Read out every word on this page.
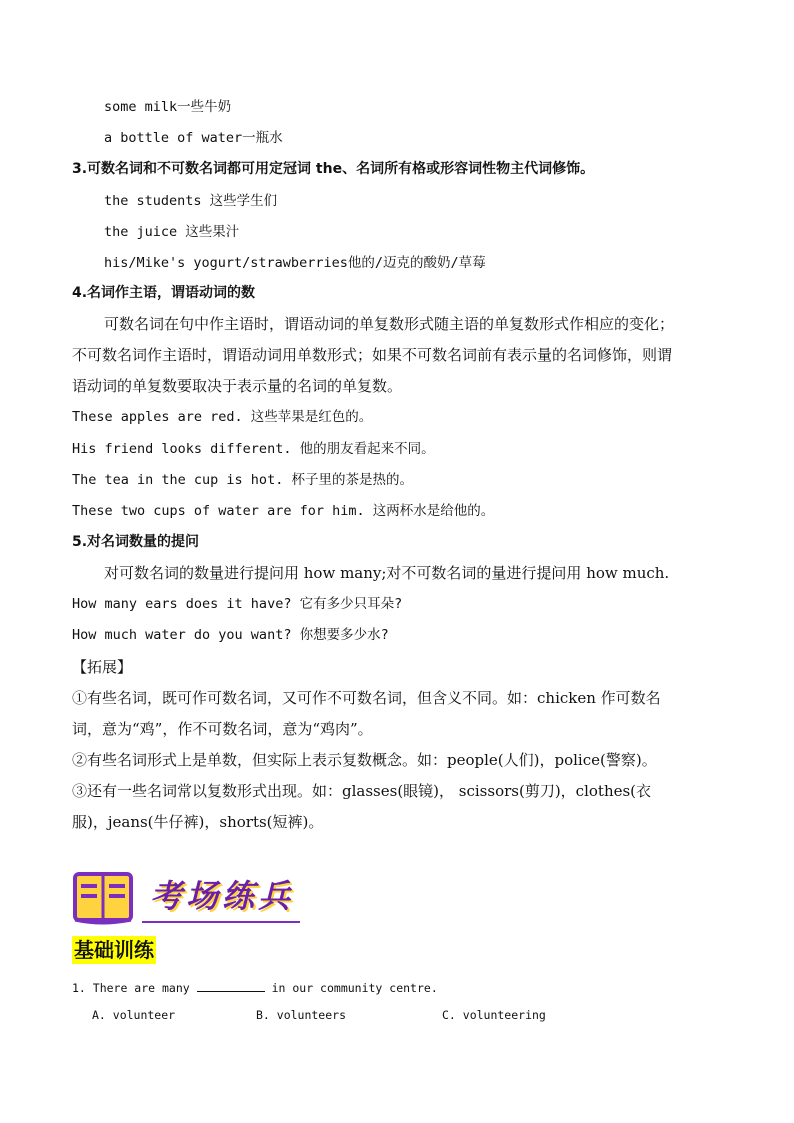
some milk一些牛奶
a bottle of water一瓶水
3.可数名词和不可数名词都可用定冠词 the、名词所有格或形容词性物主代词修饰。
the students 这些学生们
the juice 这些果汁
his/Mike's yogurt/strawberries他的/迈克的酸奶/草莓
4.名词作主语，谓语动词的数
可数名词在句中作主语时，谓语动词的单复数形式随主语的单复数形式作相应的变化；
不可数名词作主语时，谓语动词用单数形式；如果不可数名词前有表示量的名词修饰，则谓
语动词的单复数要取决于表示量的名词的单复数。
These apples are red. 这些苹果是红色的。
His friend looks different. 他的朋友看起来不同。
The tea in the cup is hot. 杯子里的茶是热的。
These two cups of water are for him. 这两杯水是给他的。
5.对名词数量的提问
对可数名词的数量进行提问用 how many;对不可数名词的量进行提问用 how much.
How many ears does it have? 它有多少只耳朵?
How much water do you want? 你想要多少水?
【拓展】
①有些名词，既可作可数名词，又可作不可数名词，但含义不同。如：chicken 作可数名
词，意为“鸡”，作不可数名词，意为“鸡肉”。
②有些名词形式上是单数，但实际上表示复数概念。如：people(人们)，police(警察)。
③还有一些名词常以复数形式出现。如：glasses(眼镜)， scissors(剪刀)，clothes(衣
服)，jeans(牛仔裤)，shorts(短裤)。
考场练兵
基础训练
1. There are many	in our community centre.
A. volunteer	B. volunteers	C. volunteering
